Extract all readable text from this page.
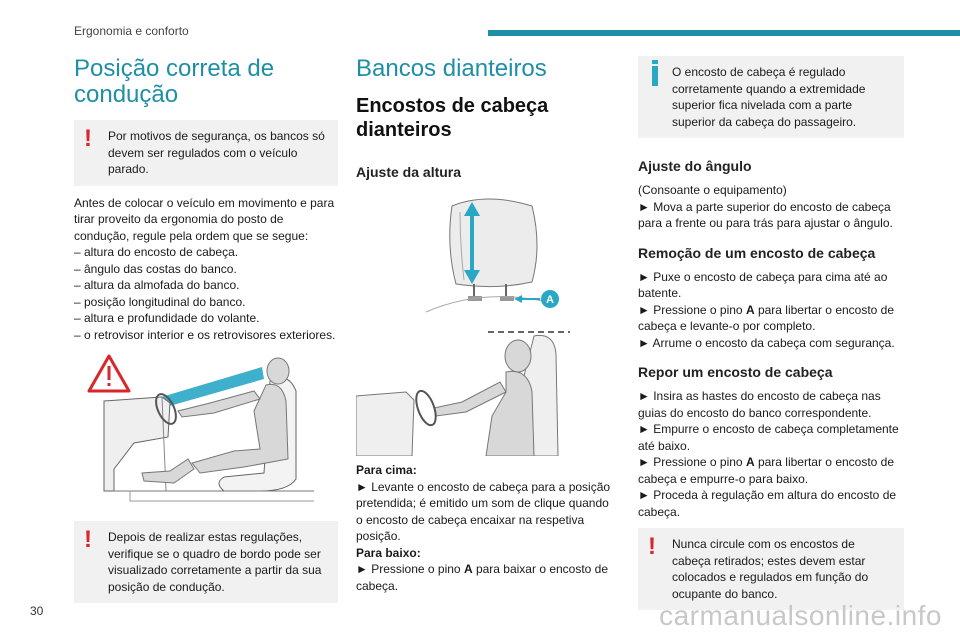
Ergonomia e conforto
Posição correta de condução
!	Por motivos de segurança, os bancos só devem ser regulados com o veículo parado.

Antes de colocar o veículo em movimento e para tirar proveito da ergonomia do posto de condução, regule pela ordem que se segue:

– altura do encosto de cabeça.

– ângulo das costas do banco.

– altura da almofada do banco.

– posição longitudinal do banco.

– altura e profundidade do volante.

– o retrovisor interior e os retrovisores exteriores.

!	Depois de realizar estas regulações, verifique se o quadro de bordo pode ser visualizado corretamente a partir da sua posição de condução.
Bancos dianteiros
Encostos de cabeça dianteiros
Ajuste da altura
A

Para cima:

► Levante o encosto de cabeça para a posição pretendida; é emitido um som de clique quando o encosto de cabeça encaixar na respetiva posição.

Para baixo:

► Pressione o pino A para baixar o encosto de cabeça.

O encosto de cabeça é regulado corretamente quando a extremidade superior fica nivelada com a parte superior da cabeça do passageiro.
Ajuste do ângulo

(Consoante o equipamento)

► Mova a parte superior do encosto de cabeça para a frente ou para trás para ajustar o ângulo.

Remoção de um encosto de cabeça

► Puxe o encosto de cabeça para cima até ao batente.

► Pressione o pino A para libertar o encosto de cabeça e levante-o por completo.

► Arrume o encosto da cabeça com segurança.

Repor um encosto de cabeça

► Insira as hastes do encosto de cabeça nas guias do encosto do banco correspondente.

► Empurre o encosto de cabeça completamente até baixo.

► Pressione o pino A para libertar o encosto de cabeça e empurre-o para baixo.

► Proceda à regulação em altura do encosto de cabeça.

!	Nunca circule com os encostos de cabeça retirados; estes devem estar colocados e regulados em função do ocupante do banco.
30	carmanualsonline.info
